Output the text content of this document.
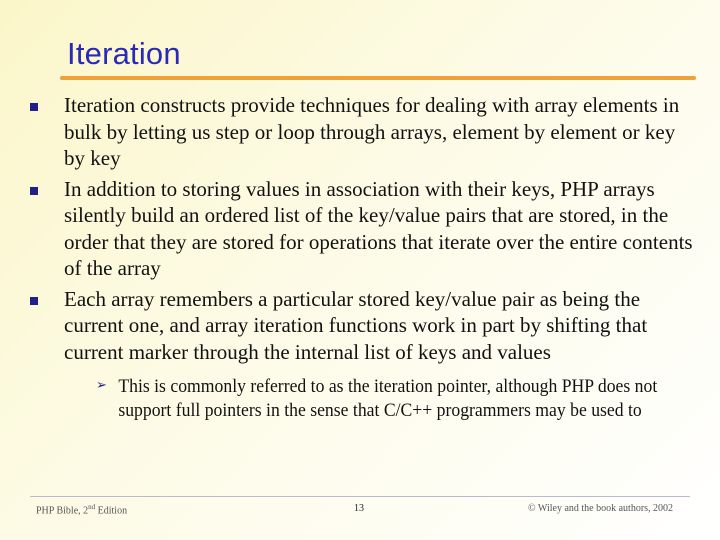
Iteration
Iteration constructs provide techniques for dealing with array elements in bulk by letting us step or loop through arrays, element by element or key by key
In addition to storing values in association with their keys, PHP arrays silently build an ordered list of the key/value pairs that are stored, in the order that they are stored for operations that iterate over the entire contents of the array
Each array remembers a particular stored key/value pair as being the current one, and array iteration functions work in part by shifting that current marker through the internal list of keys and values
➢ This is commonly referred to as the iteration pointer, although PHP does not support full pointers in the sense that C/C++ programmers may be used to
PHP Bible, 2nd Edition	13	© Wiley and the book authors, 2002
